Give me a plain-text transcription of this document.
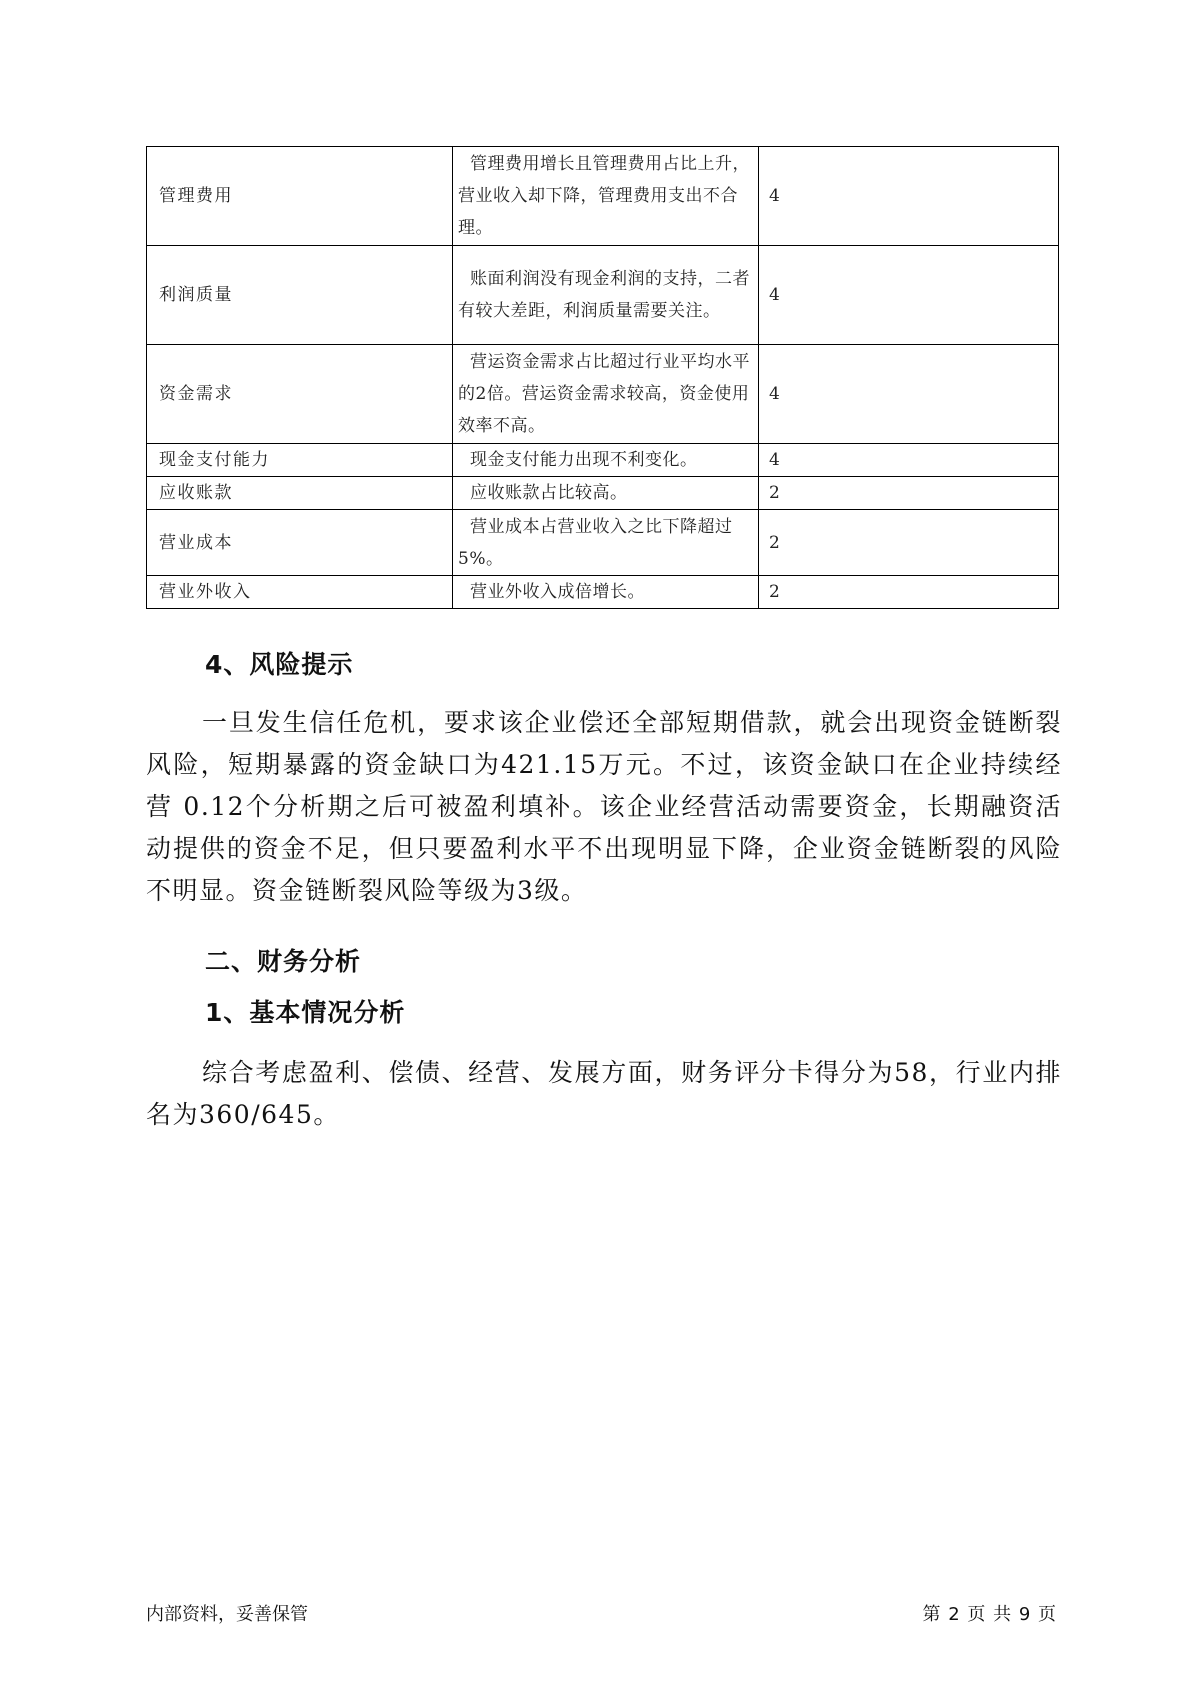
管理费用	管理费用增长且管理费用占比上升，营业收入却下降，管理费用支出不合理。	4
利润质量	账面利润没有现金利润的支持，二者有较大差距，利润质量需要关注。	4
资金需求	营运资金需求占比超过行业平均水平的2倍。营运资金需求较高，资金使用效率不高。	4
现金支付能力	现金支付能力出现不利变化。	4
应收账款	应收账款占比较高。	2
营业成本	营业成本占营业收入之比下降超过5%。	2
营业外收入	营业外收入成倍增长。	2
4、风险提示

一旦发生信任危机，要求该企业偿还全部短期借款，就会出现资金链断裂风险，短期暴露的资金缺口为421.15万元。不过，该资金缺口在企业持续经营 0.12个分析期之后可被盈利填补。该企业经营活动需要资金，长期融资活动提供的资金不足，但只要盈利水平不出现明显下降，企业资金链断裂的风险不明显。资金链断裂风险等级为3级。

二、财务分析
1、基本情况分析

综合考虑盈利、偿债、经营、发展方面，财务评分卡得分为58，行业内排名为360/645。

内部资料，妥善保管	第 2 页 共 9 页
